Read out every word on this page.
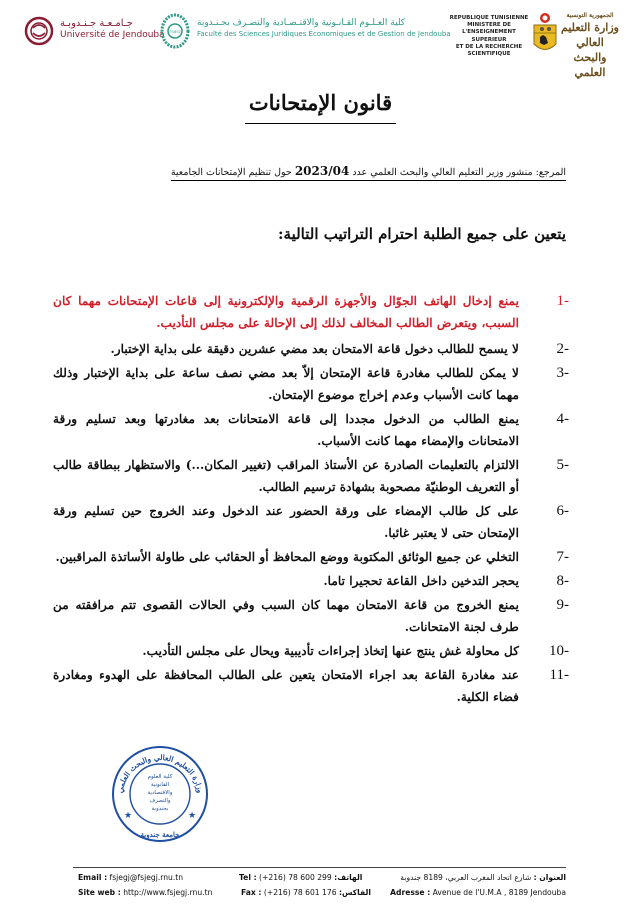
جـامـعـة جـنـدوبـة
Université de Jendouba FSJEGJ
كلية العـلـوم القـانـونية والاقتـصـادية والتصـرف بجـنـدوبة
Faculté des Sciences Juridiques Économiques et de Gestion de Jendouba
REPUBLIQUE TUNISIENNE
MINISTERE DE
L'ENSEIGNEMENT SUPERIEUR
ET DE LA RECHERCHE
SCIENTIFIQUE
الجمهورية التونسية
وزارة التعليم العالي
والبحث العلمي
قانون الإمتحانات
المرجع: منشور وزير التعليم العالي والبحث العلمي عدد 2023/04 حول تنظيم الإمتحانات الجامعية
يتعين على جميع الطلبة احترام التراتيب التالية:
1-
يمنع إدخال الهاتف الجوّال والأجهزة الرقمية والإلكترونية إلى قاعات الإمتحانات مهما كان السبب، ويتعرض الطالب المخالف لذلك إلى الإحالة على مجلس التأديب.
2-
لا يسمح للطالب دخول قاعة الامتحان بعد مضي عشرين دقيقة على بداية الإختبار.
3-
لا يمكن للطالب مغادرة قاعة الإمتحان إلاّ بعد مضي نصف ساعة على بداية الإختبار وذلك مهما كانت الأسباب وعدم إخراج موضوع الإمتحان.
4-
يمنع الطالب من الدخول مجددا إلى قاعة الامتحانات بعد مغادرتها وبعد تسليم ورقة الامتحانات والإمضاء مهما كانت الأسباب.
5-
الالتزام بالتعليمات الصادرة عن الأستاذ المراقب (تغيير المكان...) والاستظهار ببطاقة طالب أو التعريف الوطنيّة مصحوبة بشهادة ترسيم الطالب.
6-
على كل طالب الإمضاء على ورقة الحضور عند الدخول وعند الخروج حين تسليم ورقة الإمتحان حتى لا يعتبر غائبا.
7-
التخلي عن جميع الوثائق المكتوبة ووضع المحافظ أو الحقائب على طاولة الأساتذة المراقبين.
8-
يحجر التدخين داخل القاعة تحجيرا تاما.
9-
يمنع الخروج من قاعة الامتحان مهما كان السبب وفي الحالات القصوى تتم مرافقته من طرف لجنة الامتحانات.
10-
كل محاولة غش ينتج عنها إتخاذ إجراءات تأديبية ويحال على مجلس التأديب.
11-
عند مغادرة القاعة بعد اجراء الامتحان يتعين على الطالب المحافظة على الهدوء ومغادرة فضاء الكلية.
وزارة التعليم العالي والبحث العلمي
جامعة جندوبة
★	★
كلية العلوم
القانونية
والاقتصادية
والتصرف
بجندوبة
Email : fsjegj@fsjegj.rnu.tn
Site web : http://www.fsjegj.rnu.tn
Tel : (+216) 78 600 299 :الهاتف
Fax : (+216) 78 601 176 :الفاكس
العنوان : شارع اتحاد المغرب العربي، 8189 جندوبة
Adresse : Avenue de l'U.M.A , 8189 Jendouba
